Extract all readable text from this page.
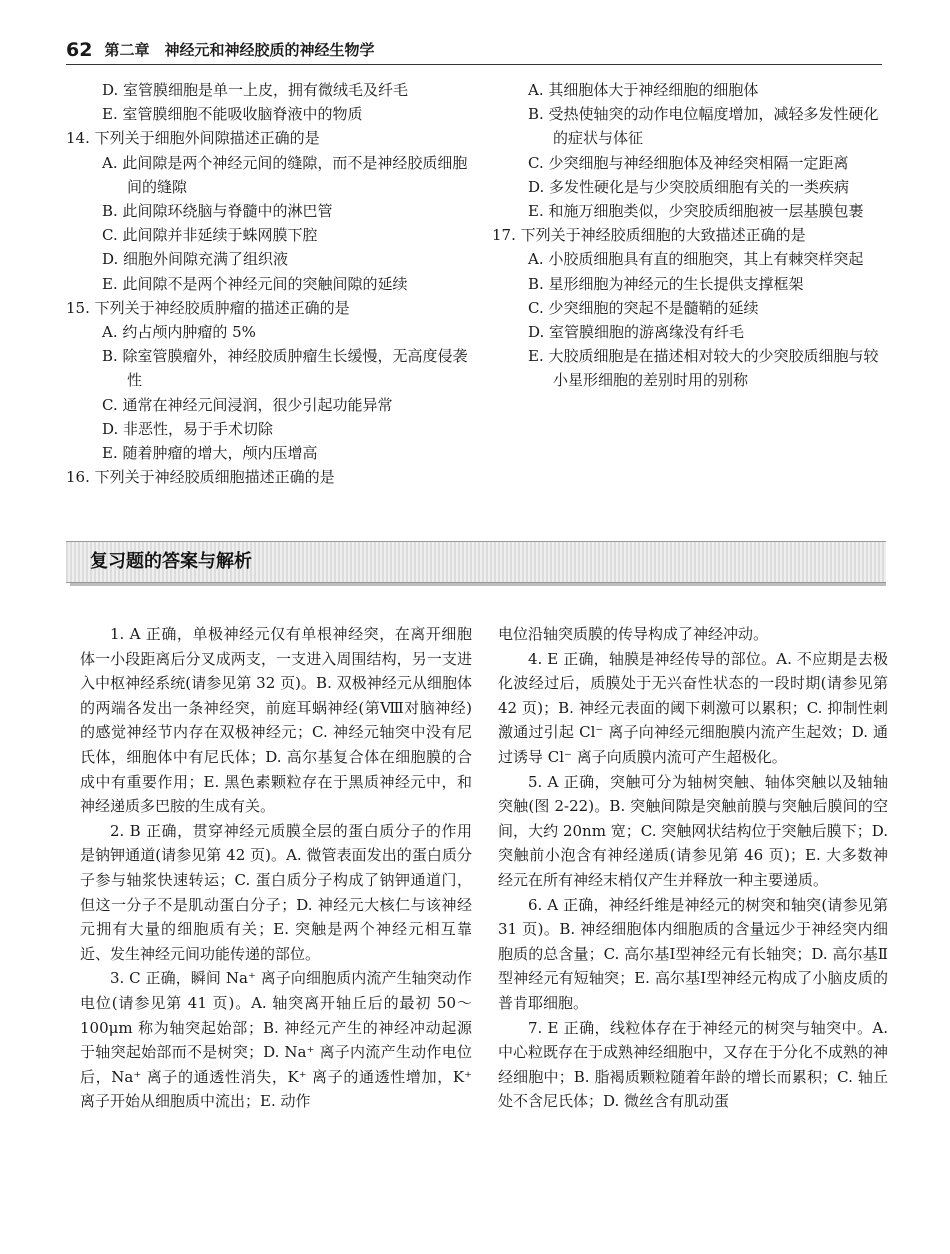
62 第二章　神经元和神经胶质的神经生物学
D. 室管膜细胞是单一上皮，拥有微绒毛及纤毛
E. 室管膜细胞不能吸收脑脊液中的物质
14. 下列关于细胞外间隙描述正确的是
A. 此间隙是两个神经元间的缝隙，而不是神经胶质细胞间的缝隙
B. 此间隙环绕脑与脊髓中的淋巴管
C. 此间隙并非延续于蛛网膜下腔
D. 细胞外间隙充满了组织液
E. 此间隙不是两个神经元间的突触间隙的延续
15. 下列关于神经胶质肿瘤的描述正确的是
A. 约占颅内肿瘤的 5%
B. 除室管膜瘤外，神经胶质肿瘤生长缓慢，无高度侵袭性
C. 通常在神经元间浸润，很少引起功能异常
D. 非恶性，易于手术切除
E. 随着肿瘤的增大，颅内压增高
16. 下列关于神经胶质细胞描述正确的是
A. 其细胞体大于神经细胞的细胞体
B. 受热使轴突的动作电位幅度增加，减轻多发性硬化的症状与体征
C. 少突细胞与神经细胞体及神经突相隔一定距离
D. 多发性硬化是与少突胶质细胞有关的一类疾病
E. 和施万细胞类似，少突胶质细胞被一层基膜包裹
17. 下列关于神经胶质细胞的大致描述正确的是
A. 小胶质细胞具有直的细胞突，其上有棘突样突起
B. 星形细胞为神经元的生长提供支撑框架
C. 少突细胞的突起不是髓鞘的延续
D. 室管膜细胞的游离缘没有纤毛
E. 大胶质细胞是在描述相对较大的少突胶质细胞与较小星形细胞的差别时用的别称
复习题的答案与解析

1. A 正确，单极神经元仅有单根神经突，在离开细胞体一小段距离后分叉成两支，一支进入周围结构，另一支进入中枢神经系统(请参见第 32 页)。B. 双极神经元从细胞体的两端各发出一条神经突，前庭耳蜗神经(第Ⅷ对脑神经)的感觉神经节内存在双极神经元；C. 神经元轴突中没有尼氏体，细胞体中有尼氏体；D. 高尔基复合体在细胞膜的合成中有重要作用；E. 黑色素颗粒存在于黑质神经元中，和神经递质多巴胺的生成有关。

2. B 正确，贯穿神经元质膜全层的蛋白质分子的作用是钠钾通道(请参见第 42 页)。A. 微管表面发出的蛋白质分子参与轴浆快速转运；C. 蛋白质分子构成了钠钾通道门，但这一分子不是肌动蛋白分子；D. 神经元大核仁与该神经元拥有大量的细胞质有关；E. 突触是两个神经元相互靠近、发生神经元间功能传递的部位。

3. C 正确，瞬间 Na⁺ 离子向细胞质内流产生轴突动作电位(请参见第 41 页)。A. 轴突离开轴丘后的最初 50～100μm 称为轴突起始部；B. 神经元产生的神经冲动起源于轴突起始部而不是树突；D. Na⁺ 离子内流产生动作电位后，Na⁺ 离子的通透性消失，K⁺ 离子的通透性增加，K⁺ 离子开始从细胞质中流出；E. 动作

电位沿轴突质膜的传导构成了神经冲动。

4. E 正确，轴膜是神经传导的部位。A. 不应期是去极化波经过后，质膜处于无兴奋性状态的一段时期(请参见第 42 页)；B. 神经元表面的阈下刺激可以累积；C. 抑制性刺激通过引起 Cl⁻ 离子向神经元细胞膜内流产生起效；D. 通过诱导 Cl⁻ 离子向质膜内流可产生超极化。

5. A 正确，突触可分为轴树突触、轴体突触以及轴轴突触(图 2-22)。B. 突触间隙是突触前膜与突触后膜间的空间，大约 20nm 宽；C. 突触网状结构位于突触后膜下；D. 突触前小泡含有神经递质(请参见第 46 页)；E. 大多数神经元在所有神经末梢仅产生并释放一种主要递质。

6. A 正确，神经纤维是神经元的树突和轴突(请参见第 31 页)。B. 神经细胞体内细胞质的含量远少于神经突内细胞质的总含量；C. 高尔基Ⅰ型神经元有长轴突；D. 高尔基Ⅱ型神经元有短轴突；E. 高尔基Ⅰ型神经元构成了小脑皮质的普肯耶细胞。

7. E 正确，线粒体存在于神经元的树突与轴突中。A. 中心粒既存在于成熟神经细胞中，又存在于分化不成熟的神经细胞中；B. 脂褐质颗粒随着年龄的增长而累积；C. 轴丘处不含尼氏体；D. 微丝含有肌动蛋
